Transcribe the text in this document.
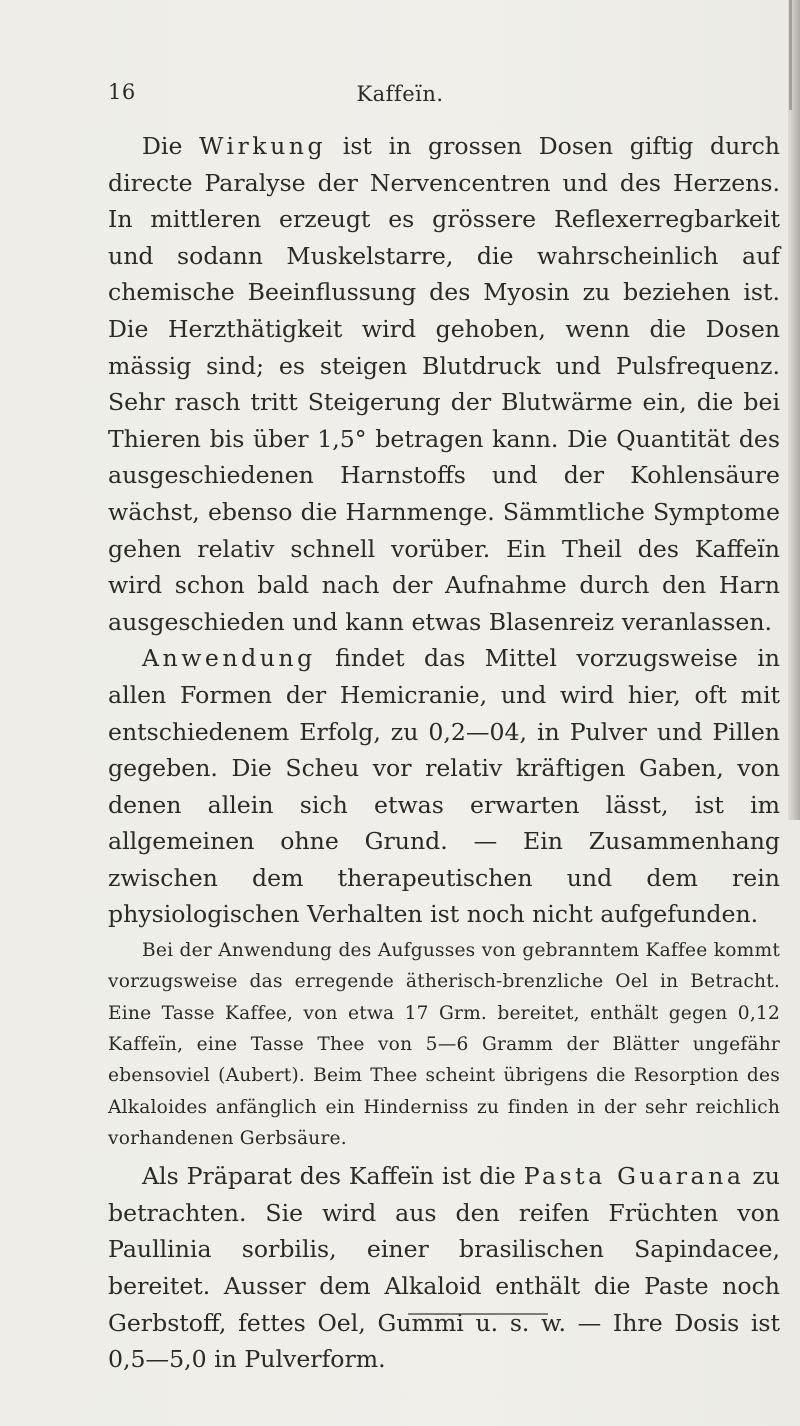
16	Kaffeïn.

Die Wirkung ist in grossen Dosen giftig durch directe Paralyse der Nervencentren und des Herzens. In mittleren erzeugt es grössere Reflexerregbarkeit und sodann Muskelstarre, die wahrscheinlich auf chemische Beeinflussung des Myosin zu beziehen ist. Die Herzthätigkeit wird gehoben, wenn die Dosen mässig sind; es steigen Blutdruck und Pulsfrequenz. Sehr rasch tritt Steigerung der Blutwärme ein, die bei Thieren bis über 1,5° betragen kann. Die Quantität des ausgeschiedenen Harnstoffs und der Kohlensäure wächst, ebenso die Harnmenge. Sämmtliche Symptome gehen relativ schnell vorüber. Ein Theil des Kaffeïn wird schon bald nach der Aufnahme durch den Harn ausgeschieden und kann etwas Blasenreiz veranlassen.

Anwendung findet das Mittel vorzugsweise in allen Formen der Hemicranie, und wird hier, oft mit entschiedenem Erfolg, zu 0,2—04, in Pulver und Pillen gegeben. Die Scheu vor relativ kräftigen Gaben, von denen allein sich etwas erwarten lässt, ist im allgemeinen ohne Grund. — Ein Zusammenhang zwischen dem therapeutischen und dem rein physiologischen Verhalten ist noch nicht aufgefunden.

Bei der Anwendung des Aufgusses von gebranntem Kaffee kommt vorzugsweise das erregende ätherisch-brenzliche Oel in Betracht. Eine Tasse Kaffee, von etwa 17 Grm. bereitet, enthält gegen 0,12 Kaffeïn, eine Tasse Thee von 5—6 Gramm der Blätter ungefähr ebensoviel (Aubert). Beim Thee scheint übrigens die Resorption des Alkaloides anfänglich ein Hinderniss zu finden in der sehr reichlich vorhandenen Gerbsäure.

Als Präparat des Kaffeïn ist die Pasta Guarana zu betrachten. Sie wird aus den reifen Früchten von Paullinia sorbilis, einer brasilischen Sapindacee, bereitet. Ausser dem Alkaloid enthält die Paste noch Gerbstoff, fettes Oel, Gummi u. s. w. — Ihre Dosis ist 0,5—5,0 in Pulverform.
